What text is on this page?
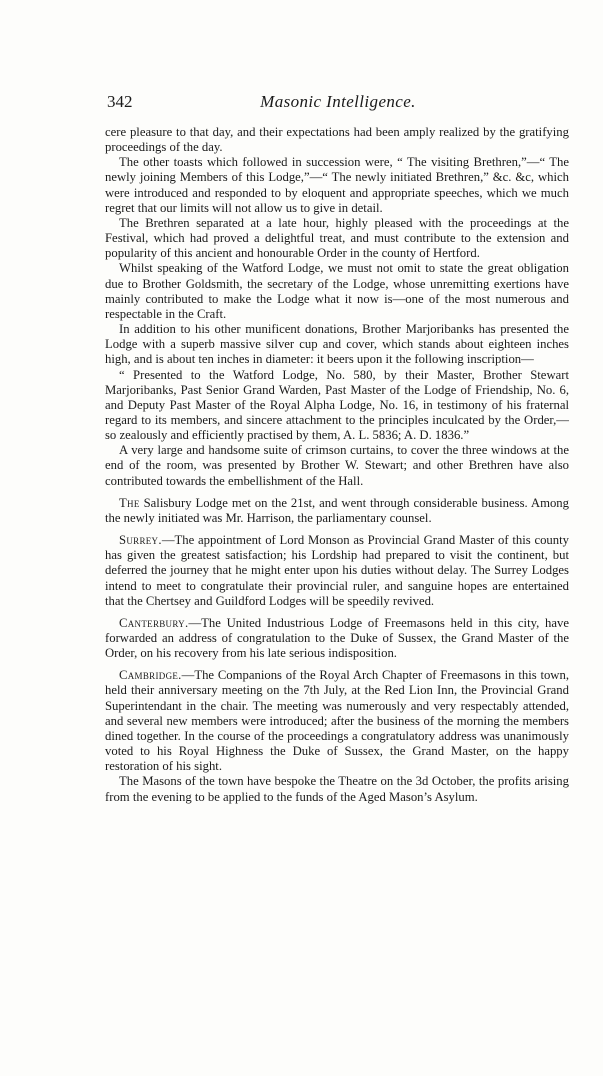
342	Masonic Intelligence.

cere pleasure to that day, and their expectations had been amply realized by the gratifying proceedings of the day.

The other toasts which followed in succession were, “ The visiting Brethren,”—“ The newly joining Members of this Lodge,”—“ The newly initiated Brethren,” &c. &c, which were introduced and responded to by eloquent and appropriate speeches, which we much regret that our limits will not allow us to give in detail.

The Brethren separated at a late hour, highly pleased with the proceedings at the Festival, which had proved a delightful treat, and must contribute to the extension and popularity of this ancient and honourable Order in the county of Hertford.

Whilst speaking of the Watford Lodge, we must not omit to state the great obligation due to Brother Goldsmith, the secretary of the Lodge, whose unremitting exertions have mainly contributed to make the Lodge what it now is—one of the most numerous and respectable in the Craft.

In addition to his other munificent donations, Brother Marjoribanks has presented the Lodge with a superb massive silver cup and cover, which stands about eighteen inches high, and is about ten inches in diameter: it beers upon it the following inscription—

“ Presented to the Watford Lodge, No. 580, by their Master, Brother Stewart Marjoribanks, Past Senior Grand Warden, Past Master of the Lodge of Friendship, No. 6, and Deputy Past Master of the Royal Alpha Lodge, No. 16, in testimony of his fraternal regard to its members, and sincere attachment to the principles inculcated by the Order,—so zealously and efficiently practised by them, A. L. 5836; A. D. 1836.”

A very large and handsome suite of crimson curtains, to cover the three windows at the end of the room, was presented by Brother W. Stewart; and other Brethren have also contributed towards the embellishment of the Hall.

The Salisbury Lodge met on the 21st, and went through considerable business. Among the newly initiated was Mr. Harrison, the parliamentary counsel.

Surrey.—The appointment of Lord Monson as Provincial Grand Master of this county has given the greatest satisfaction; his Lordship had prepared to visit the continent, but deferred the journey that he might enter upon his duties without delay. The Surrey Lodges intend to meet to congratulate their provincial ruler, and sanguine hopes are entertained that the Chertsey and Guildford Lodges will be speedily revived.

Canterbury.—The United Industrious Lodge of Freemasons held in this city, have forwarded an address of congratulation to the Duke of Sussex, the Grand Master of the Order, on his recovery from his late serious indisposition.

Cambridge.—The Companions of the Royal Arch Chapter of Freemasons in this town, held their anniversary meeting on the 7th July, at the Red Lion Inn, the Provincial Grand Superintendant in the chair. The meeting was numerously and very respectably attended, and several new members were introduced; after the business of the morning the members dined together. In the course of the proceedings a congratulatory address was unanimously voted to his Royal Highness the Duke of Sussex, the Grand Master, on the happy restoration of his sight.

The Masons of the town have bespoke the Theatre on the 3d October, the profits arising from the evening to be applied to the funds of the Aged Mason’s Asylum.
